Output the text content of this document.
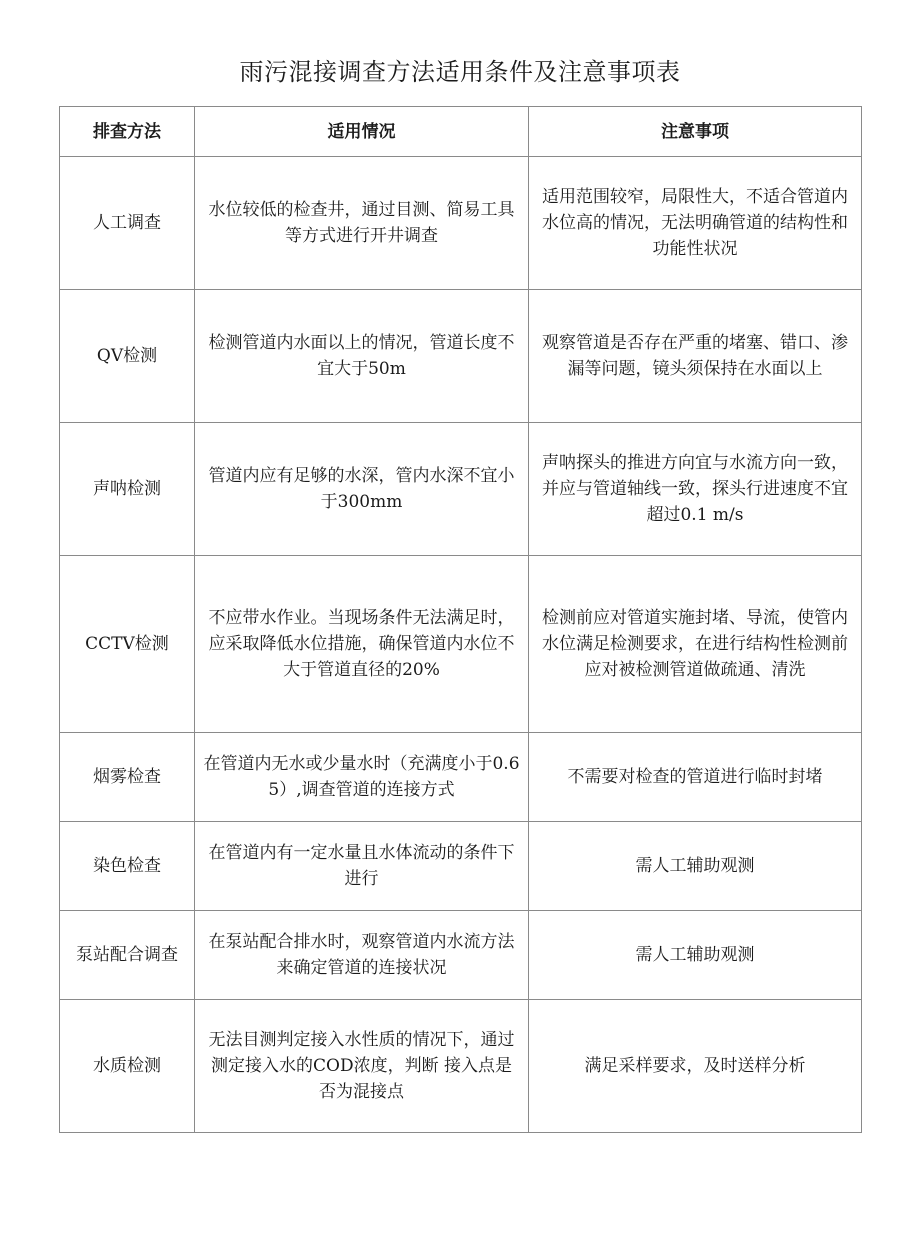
雨污混接调查方法适用条件及注意事项表
排查方法	适用情况	注意事项
人工调查	水位较低的检查井，通过目测、简易工具等方式进行开井调查	适用范围较窄，局限性大，不适合管道内水位高的情况，无法明确管道的结构性和功能性状况
QV检测	检测管道内水面以上的情况，管道长度不宜大于50m	观察管道是否存在严重的堵塞、错口、渗漏等问题，镜头须保持在水面以上
声呐检测	管道内应有足够的水深，管内水深不宜小于300mm	声呐探头的推进方向宜与水流方向一致，并应与管道轴线一致，探头行进速度不宜超过0.1 m/s
CCTV检测	不应带水作业。当现场条件无法满足时，应采取降低水位措施，确保管道内水位不大于管道直径的20%	检测前应对管道实施封堵、导流，使管内水位满足检测要求，在进行结构性检测前应对被检测管道做疏通、清洗
烟雾检查	在管道内无水或少量水时（充满度小于0.65）,调查管道的连接方式	不需要对检查的管道进行临时封堵
染色检查	在管道内有一定水量且水体流动的条件下进行	需人工辅助观测
泵站配合调查	在泵站配合排水时，观察管道内水流方法来确定管道的连接状况	需人工辅助观测
水质检测	无法目测判定接入水性质的情况下，通过测定接入水的COD浓度，判断 接入点是否为混接点	满足采样要求，及时送样分析
